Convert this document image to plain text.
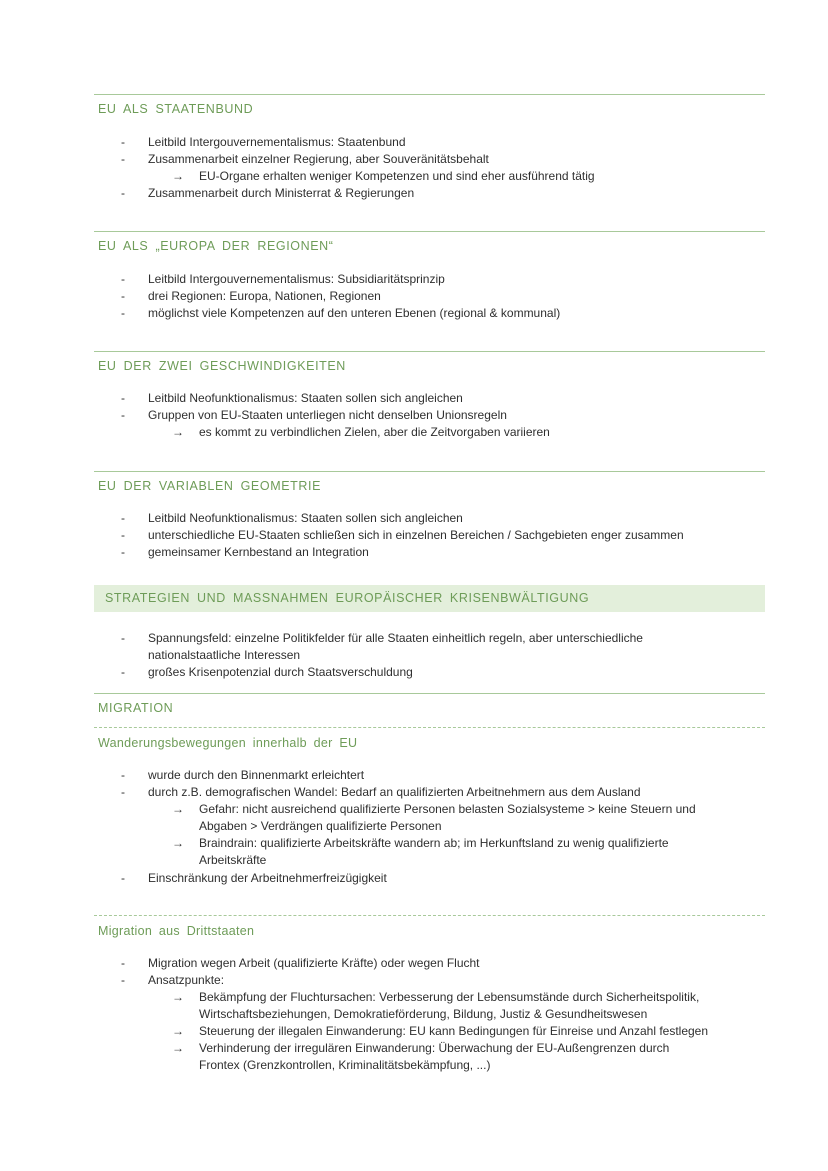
EU ALS STAATENBUND
-	Leitbild Intergouvernementalismus: Staatenbund
-	Zusammenarbeit einzelner Regierung, aber Souveränitätsbehalt
→ EU-Organe erhalten weniger Kompetenzen und sind eher ausführend tätig
-	Zusammenarbeit durch Ministerrat & Regierungen
EU ALS „EUROPA DER REGIONEN“
-	Leitbild Intergouvernementalismus: Subsidiaritätsprinzip
-	drei Regionen: Europa, Nationen, Regionen
-	möglichst viele Kompetenzen auf den unteren Ebenen (regional & kommunal)
EU DER ZWEI GESCHWINDIGKEITEN
-	Leitbild Neofunktionalismus: Staaten sollen sich angleichen
-	Gruppen von EU-Staaten unterliegen nicht denselben Unionsregeln
→ es kommt zu verbindlichen Zielen, aber die Zeitvorgaben variieren
EU DER VARIABLEN GEOMETRIE
-	Leitbild Neofunktionalismus: Staaten sollen sich angleichen
-	unterschiedliche EU-Staaten schließen sich in einzelnen Bereichen / Sachgebieten enger zusammen
-	gemeinsamer Kernbestand an Integration
STRATEGIEN UND MASSNAHMEN EUROPÄISCHER KRISENBWÄLTIGUNG
-	Spannungsfeld: einzelne Politikfelder für alle Staaten einheitlich regeln, aber unterschiedliche
nationalstaatliche Interessen
-	großes Krisenpotenzial durch Staatsverschuldung
MIGRATION
Wanderungsbewegungen innerhalb der EU
-	wurde durch den Binnenmarkt erleichtert
-	durch z.B. demografischen Wandel: Bedarf an qualifizierten Arbeitnehmern aus dem Ausland
→ Gefahr: nicht ausreichend qualifizierte Personen belasten Sozialsysteme > keine Steuern und
Abgaben > Verdrängen qualifizierte Personen
→ Braindrain: qualifizierte Arbeitskräfte wandern ab; im Herkunftsland zu wenig qualifizierte
Arbeitskräfte
-	Einschränkung der Arbeitnehmerfreizügigkeit
Migration aus Drittstaaten
-	Migration wegen Arbeit (qualifizierte Kräfte) oder wegen Flucht
-	Ansatzpunkte:
→ Bekämpfung der Fluchtursachen: Verbesserung der Lebensumstände durch Sicherheitspolitik,
Wirtschaftsbeziehungen, Demokratieförderung, Bildung, Justiz & Gesundheitswesen
→ Steuerung der illegalen Einwanderung: EU kann Bedingungen für Einreise und Anzahl festlegen
→ Verhinderung der irregulären Einwanderung: Überwachung der EU-Außengrenzen durch
Frontex (Grenzkontrollen, Kriminalitätsbekämpfung, ...)
